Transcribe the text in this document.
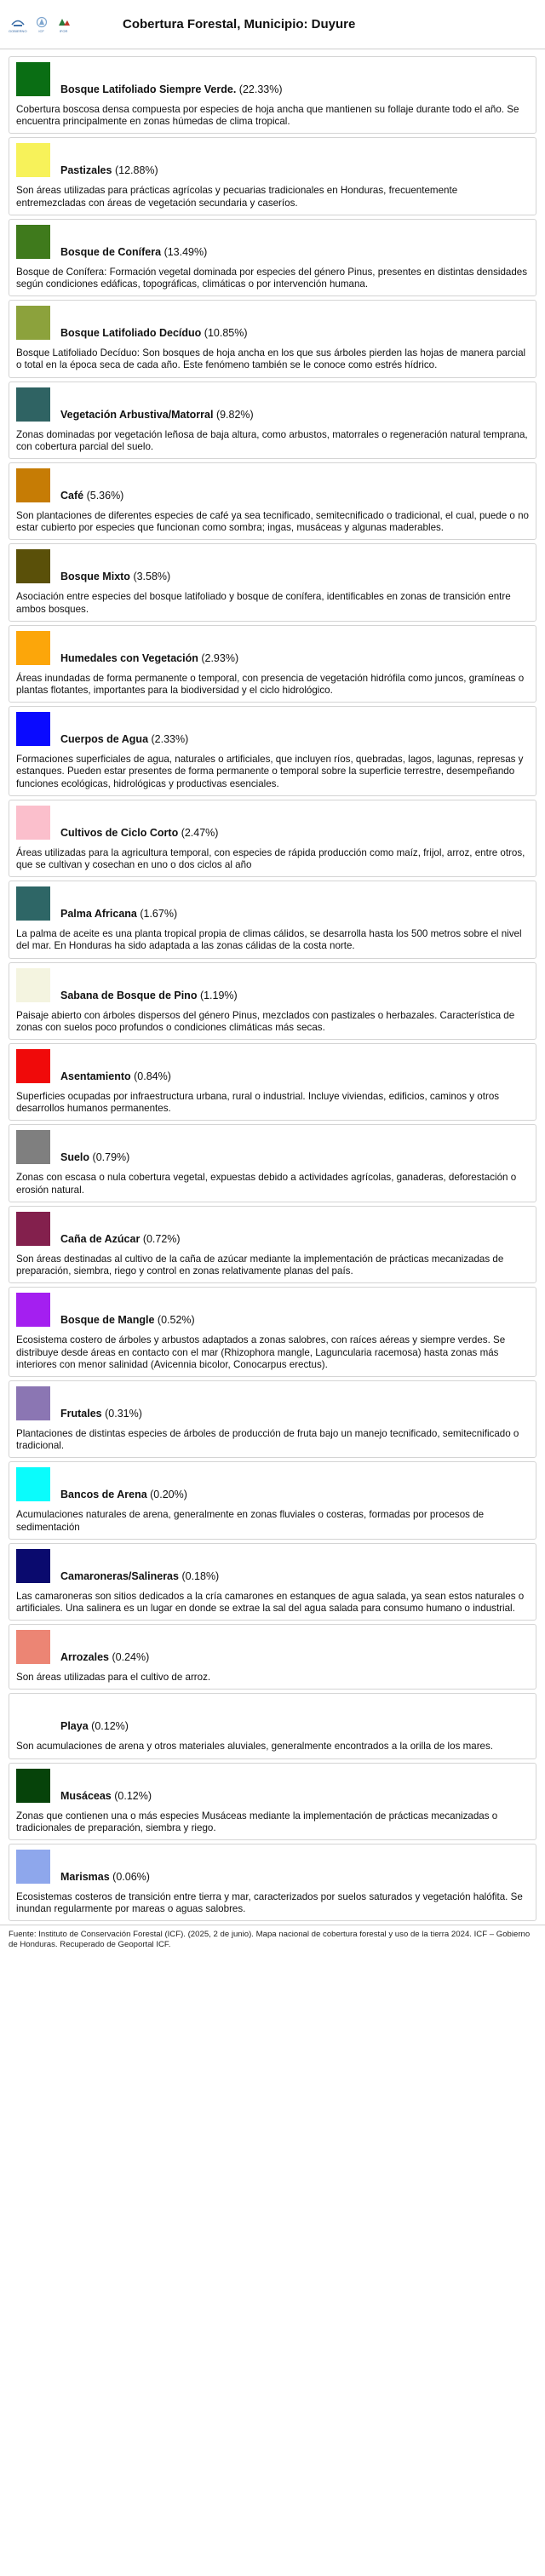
GOBIERNO	ICF	IFOR	Cobertura Forestal, Municipio: Duyure
Bosque Latifoliado Siempre Verde. (22.33%)
Cobertura boscosa densa compuesta por especies de hoja ancha que mantienen su follaje durante todo el año. Se encuentra principalmente en zonas húmedas de clima tropical.
Pastizales (12.88%)
Son áreas utilizadas para prácticas agrícolas y pecuarias tradicionales en Honduras, frecuentemente entremezcladas con áreas de vegetación secundaria y caseríos.
Bosque de Conífera (13.49%)
Bosque de Conífera: Formación vegetal dominada por especies del género Pinus, presentes en distintas densidades según condiciones edáficas, topográficas, climáticas o por intervención humana.
Bosque Latifoliado Decíduo (10.85%)
Bosque Latifoliado Decíduo: Son bosques de hoja ancha en los que sus árboles pierden las hojas de manera parcial o total en la época seca de cada año. Este fenómeno también se le conoce como estrés hídrico.
Vegetación Arbustiva/Matorral (9.82%)
Zonas dominadas por vegetación leñosa de baja altura, como arbustos, matorrales o regeneración natural temprana, con cobertura parcial del suelo.
Café (5.36%)
Son plantaciones de diferentes especies de café ya sea tecnificado, semitecnificado o tradicional, el cual, puede o no estar cubierto por especies que funcionan como sombra; ingas, musáceas y algunas maderables.
Bosque Mixto (3.58%)
Asociación entre especies del bosque latifoliado y bosque de conífera, identificables en zonas de transición entre ambos bosques.
Humedales con Vegetación (2.93%)
Áreas inundadas de forma permanente o temporal, con presencia de vegetación hidrófila como juncos, gramíneas o plantas flotantes, importantes para la biodiversidad y el ciclo hidrológico.
Cuerpos de Agua (2.33%)
Formaciones superficiales de agua, naturales o artificiales, que incluyen ríos, quebradas, lagos, lagunas, represas y estanques. Pueden estar presentes de forma permanente o temporal sobre la superficie terrestre, desempeñando funciones ecológicas, hidrológicas y productivas esenciales.
Cultivos de Ciclo Corto (2.47%)
Áreas utilizadas para la agricultura temporal, con especies de rápida producción como maíz, frijol, arroz, entre otros, que se cultivan y cosechan en uno o dos ciclos al año
Palma Africana (1.67%)
La palma de aceite es una planta tropical propia de climas cálidos, se desarrolla hasta los 500 metros sobre el nivel del mar. En Honduras ha sido adaptada a las zonas cálidas de la costa norte.
Sabana de Bosque de Pino (1.19%)
Paisaje abierto con árboles dispersos del género Pinus, mezclados con pastizales o herbazales. Característica de zonas con suelos poco profundos o condiciones climáticas más secas.
Asentamiento (0.84%)
Superficies ocupadas por infraestructura urbana, rural o industrial. Incluye viviendas, edificios, caminos y otros desarrollos humanos permanentes.
Suelo (0.79%)
Zonas con escasa o nula cobertura vegetal, expuestas debido a actividades agrícolas, ganaderas, deforestación o erosión natural.
Caña de Azúcar (0.72%)
Son áreas destinadas al cultivo de la caña de azúcar mediante la implementación de prácticas mecanizadas de preparación, siembra, riego y control en zonas relativamente planas del país.
Bosque de Mangle (0.52%)
Ecosistema costero de árboles y arbustos adaptados a zonas salobres, con raíces aéreas y siempre verdes. Se distribuye desde áreas en contacto con el mar (Rhizophora mangle, Laguncularia racemosa) hasta zonas más interiores con menor salinidad (Avicennia bicolor, Conocarpus erectus).
Frutales (0.31%)
Plantaciones de distintas especies de árboles de producción de fruta bajo un manejo tecnificado, semitecnificado o tradicional.
Bancos de Arena (0.20%)
Acumulaciones naturales de arena, generalmente en zonas fluviales o costeras, formadas por procesos de sedimentación
Camaroneras/Salineras (0.18%)
Las camaroneras son sitios dedicados a la cría camarones en estanques de agua salada, ya sean estos naturales o artificiales. Una salinera es un lugar en donde se extrae la sal del agua salada para consumo humano o industrial.
Arrozales (0.24%)
Son áreas utilizadas para el cultivo de arroz.
Playa (0.12%)
Son acumulaciones de arena y otros materiales aluviales, generalmente encontrados a la orilla de los mares.
Musáceas (0.12%)
Zonas que contienen una o más especies Musáceas mediante la implementación de prácticas mecanizadas o tradicionales de preparación, siembra y riego.
Marismas (0.06%)
Ecosistemas costeros de transición entre tierra y mar, caracterizados por suelos saturados y vegetación halófita. Se inundan regularmente por mareas o aguas salobres.
Fuente: Instituto de Conservación Forestal (ICF). (2025, 2 de junio). Mapa nacional de cobertura forestal y uso de la tierra 2024. ICF – Gobierno de Honduras. Recuperado de Geoportal ICF.
